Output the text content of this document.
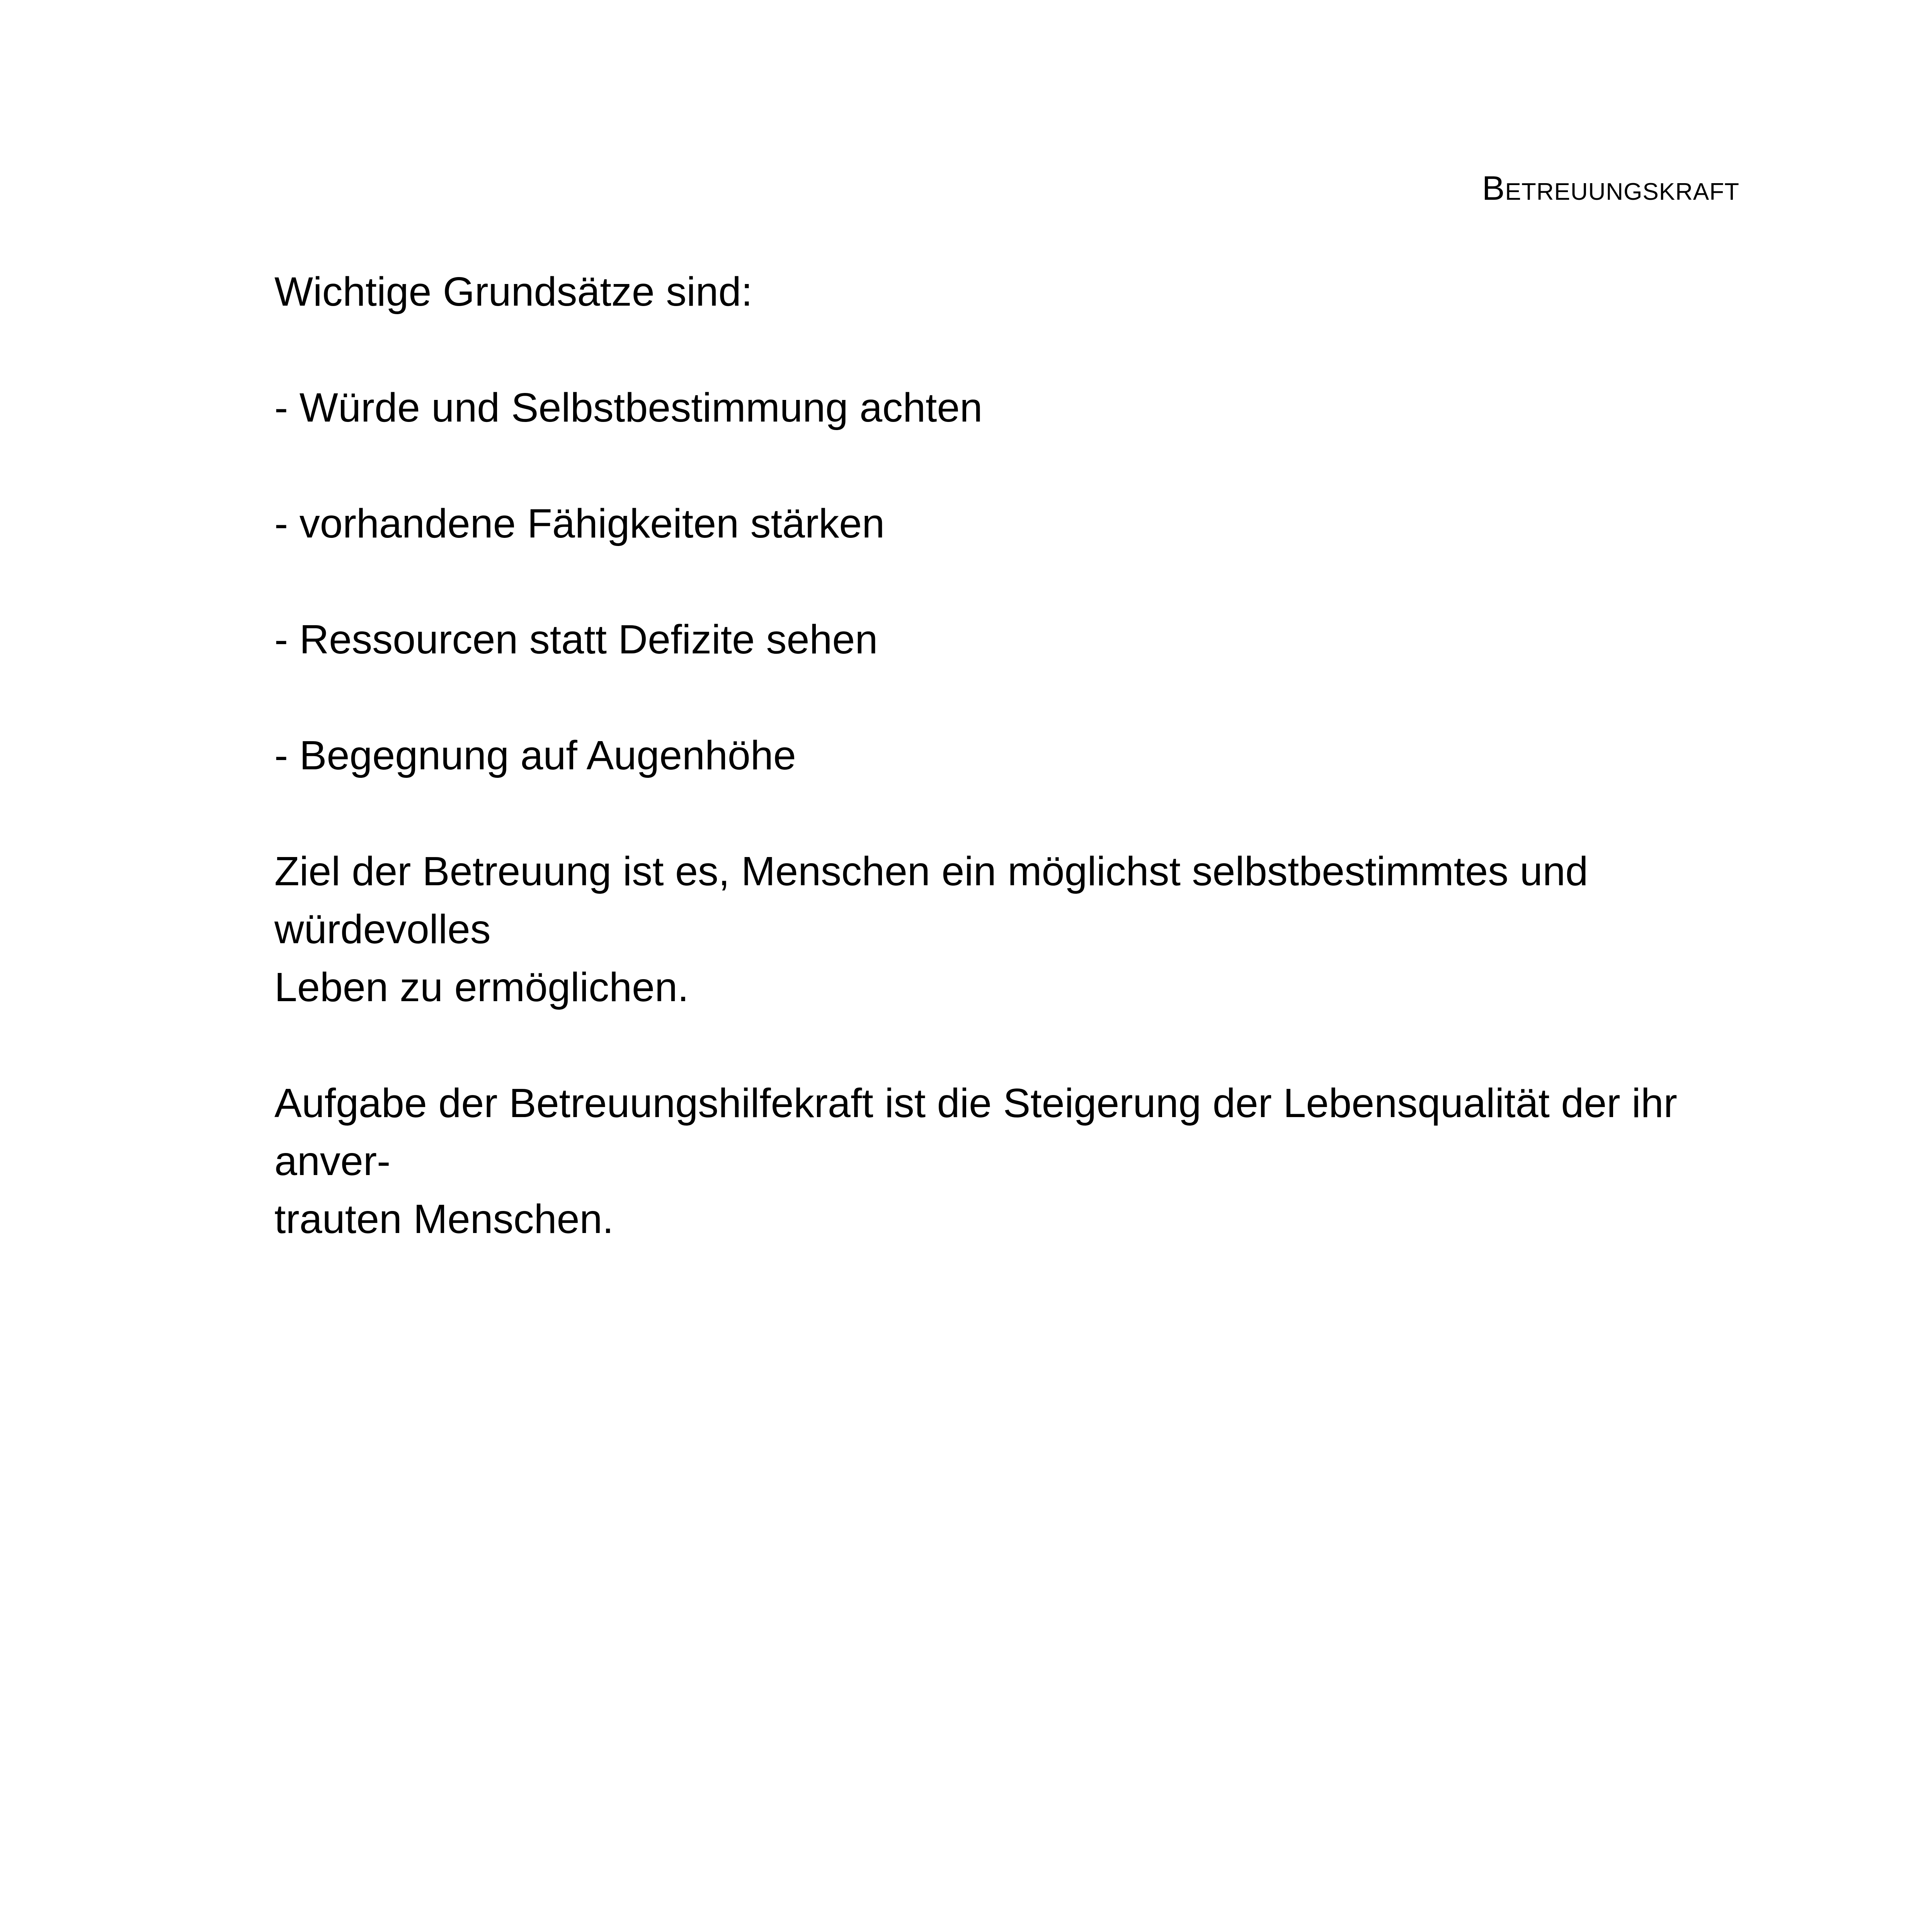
Betreuungskraft

Wichtige Grundsätze sind:

- Würde und Selbstbestimmung achten

- vorhandene Fähigkeiten stärken

- Ressourcen statt Defizite sehen

- Begegnung auf Augenhöhe

Ziel der Betreuung ist es, Menschen ein möglichst selbstbestimmtes und würdevolles
Leben zu ermöglichen.

Aufgabe der Betreuungshilfekraft ist die Steigerung der Lebensqualität der ihr anver-
trauten Menschen.
